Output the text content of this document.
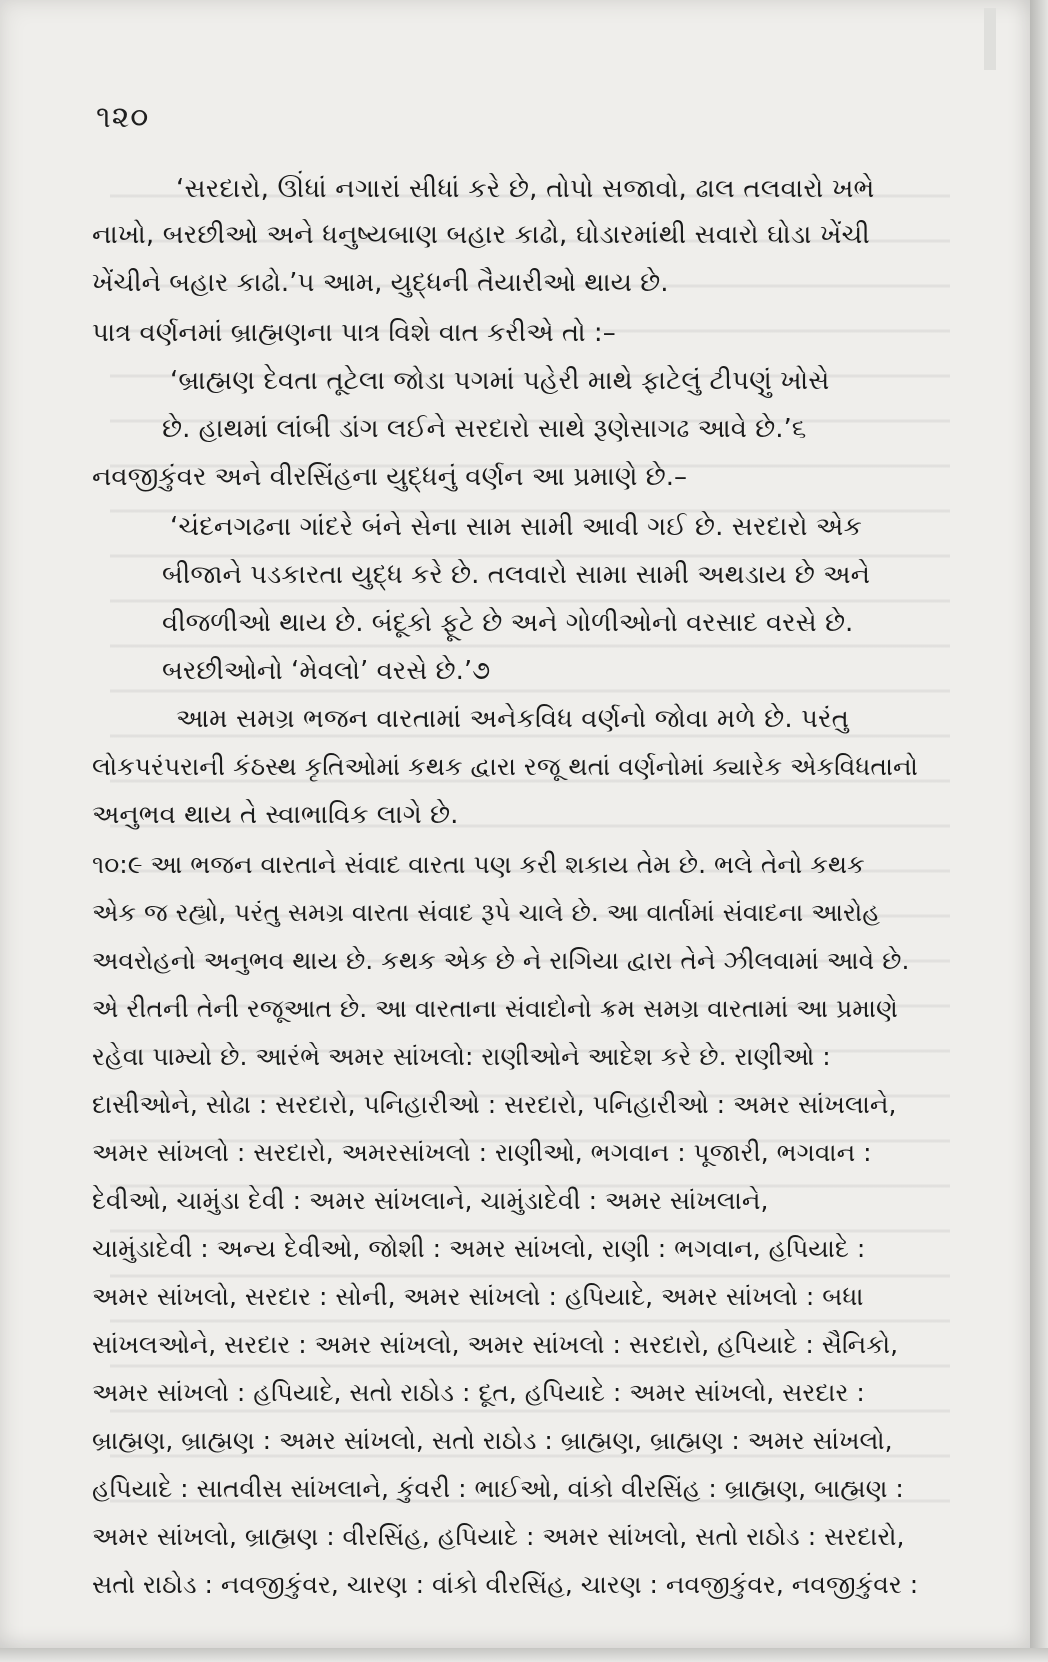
૧૨૦
‘સરદારો, ઊંધાં નગારાં સીધાં કરે છે, તોપો સજાવો, ઢાલ તલવારો ખભે
નાખો, બરછીઓ અને ધનુષ્યબાણ બહાર કાઢો, ઘોડારમાંથી સવારો ઘોડા ખેંચી
ખેંચીને બહાર કાઢો.’૫ આમ, યુદ્ધની તૈયારીઓ થાય છે.
પાત્ર વર્ણનમાં બ્રાહ્મણના પાત્ર વિશે વાત કરીએ તો :–
‘બ્રાહ્મણ દેવતા તૂટેલા જોડા પગમાં પહેરી માથે ફાટેલું ટીપણું ખોસે
છે. હાથમાં લાંબી ડાંગ લઈને સરદારો સાથે રૂણેસાગઢ આવે છે.’૬
નવજીકુંવર અને વીરસિંહના યુદ્ધનું વર્ણન આ પ્રમાણે છે.–
‘ચંદનગઢના ગાંદરે બંને સેના સામ સામી આવી ગઈ છે. સરદારો એક
બીજાને પડકારતા યુદ્ધ કરે છે. તલવારો સામા સામી અથડાય છે અને
વીજળીઓ થાય છે. બંદૂકો ફૂટે છે અને ગોળીઓનો વરસાદ વરસે છે.
બરછીઓનો ‘મેવલો’ વરસે છે.’૭
આમ સમગ્ર ભજન વારતામાં અનેકવિધ વર્ણનો જોવા મળે છે. પરંતુ
લોકપરંપરાની કંઠસ્થ કૃતિઓમાં કથક દ્વારા રજૂ થતાં વર્ણનોમાં ક્યારેક એકવિધતાનો
અનુભવ થાય તે સ્વાભાવિક લાગે છે.
૧૦:૯ આ ભજન વારતાને સંવાદ વારતા પણ કરી શકાય તેમ છે. ભલે તેનો કથક
એક જ રહ્યો, પરંતુ સમગ્ર વારતા સંવાદ રૂપે ચાલે છે. આ વાર્તામાં સંવાદના આરોહ
અવરોહનો અનુભવ થાય છે. કથક એક છે ને રાગિયા દ્વારા તેને ઝીલવામાં આવે છે.
એ રીતની તેની રજૂઆત છે. આ વારતાના સંવાદોનો ક્રમ સમગ્ર વારતામાં આ પ્રમાણે
રહેવા પામ્યો છે. આરંભે અમર સાંખલો: રાણીઓને આદેશ કરે છે. રાણીઓ :
દાસીઓને, સોઢા : સરદારો, પનિહારીઓ : સરદારો, પનિહારીઓ : અમર સાંખલાને,
અમર સાંખલો : સરદારો, અમરસાંખલો : રાણીઓ, ભગવાન : પૂજારી, ભગવાન :
દેવીઓ, ચામુંડા દેવી : અમર સાંખલાને, ચામુંડાદેવી : અમર સાંખલાને,
ચામુંડાદેવી : અન્ય દેવીઓ, જોશી : અમર સાંખલો, રાણી : ભગવાન, હપિયાદે :
અમર સાંખલો, સરદાર : સોની, અમર સાંખલો : હપિયાદે, અમર સાંખલો : બધા
સાંખલઓને, સરદાર : અમર સાંખલો, અમર સાંખલો : સરદારો, હપિયાદે : સૈનિકો,
અમર સાંખલો : હપિયાદે, સતો રાઠોડ : દૂત, હપિયાદે : અમર સાંખલો, સરદાર :
બ્રાહ્મણ, બ્રાહ્મણ : અમર સાંખલો, સતો રાઠોડ : બ્રાહ્મણ, બ્રાહ્મણ : અમર સાંખલો,
હપિયાદે : સાતવીસ સાંખલાને, કુંવરી : ભાઈઓ, વાંકો વીરસિંહ : બ્રાહ્મણ, બાહ્મણ :
અમર સાંખલો, બ્રાહ્મણ : વીરસિંહ, હપિયાદે : અમર સાંખલો, સતો રાઠોડ : સરદારો,
સતો રાઠોડ : નવજીકુંવર, ચારણ : વાંકો વીરસિંહ, ચારણ : નવજીકુંવર, નવજીકુંવર :
